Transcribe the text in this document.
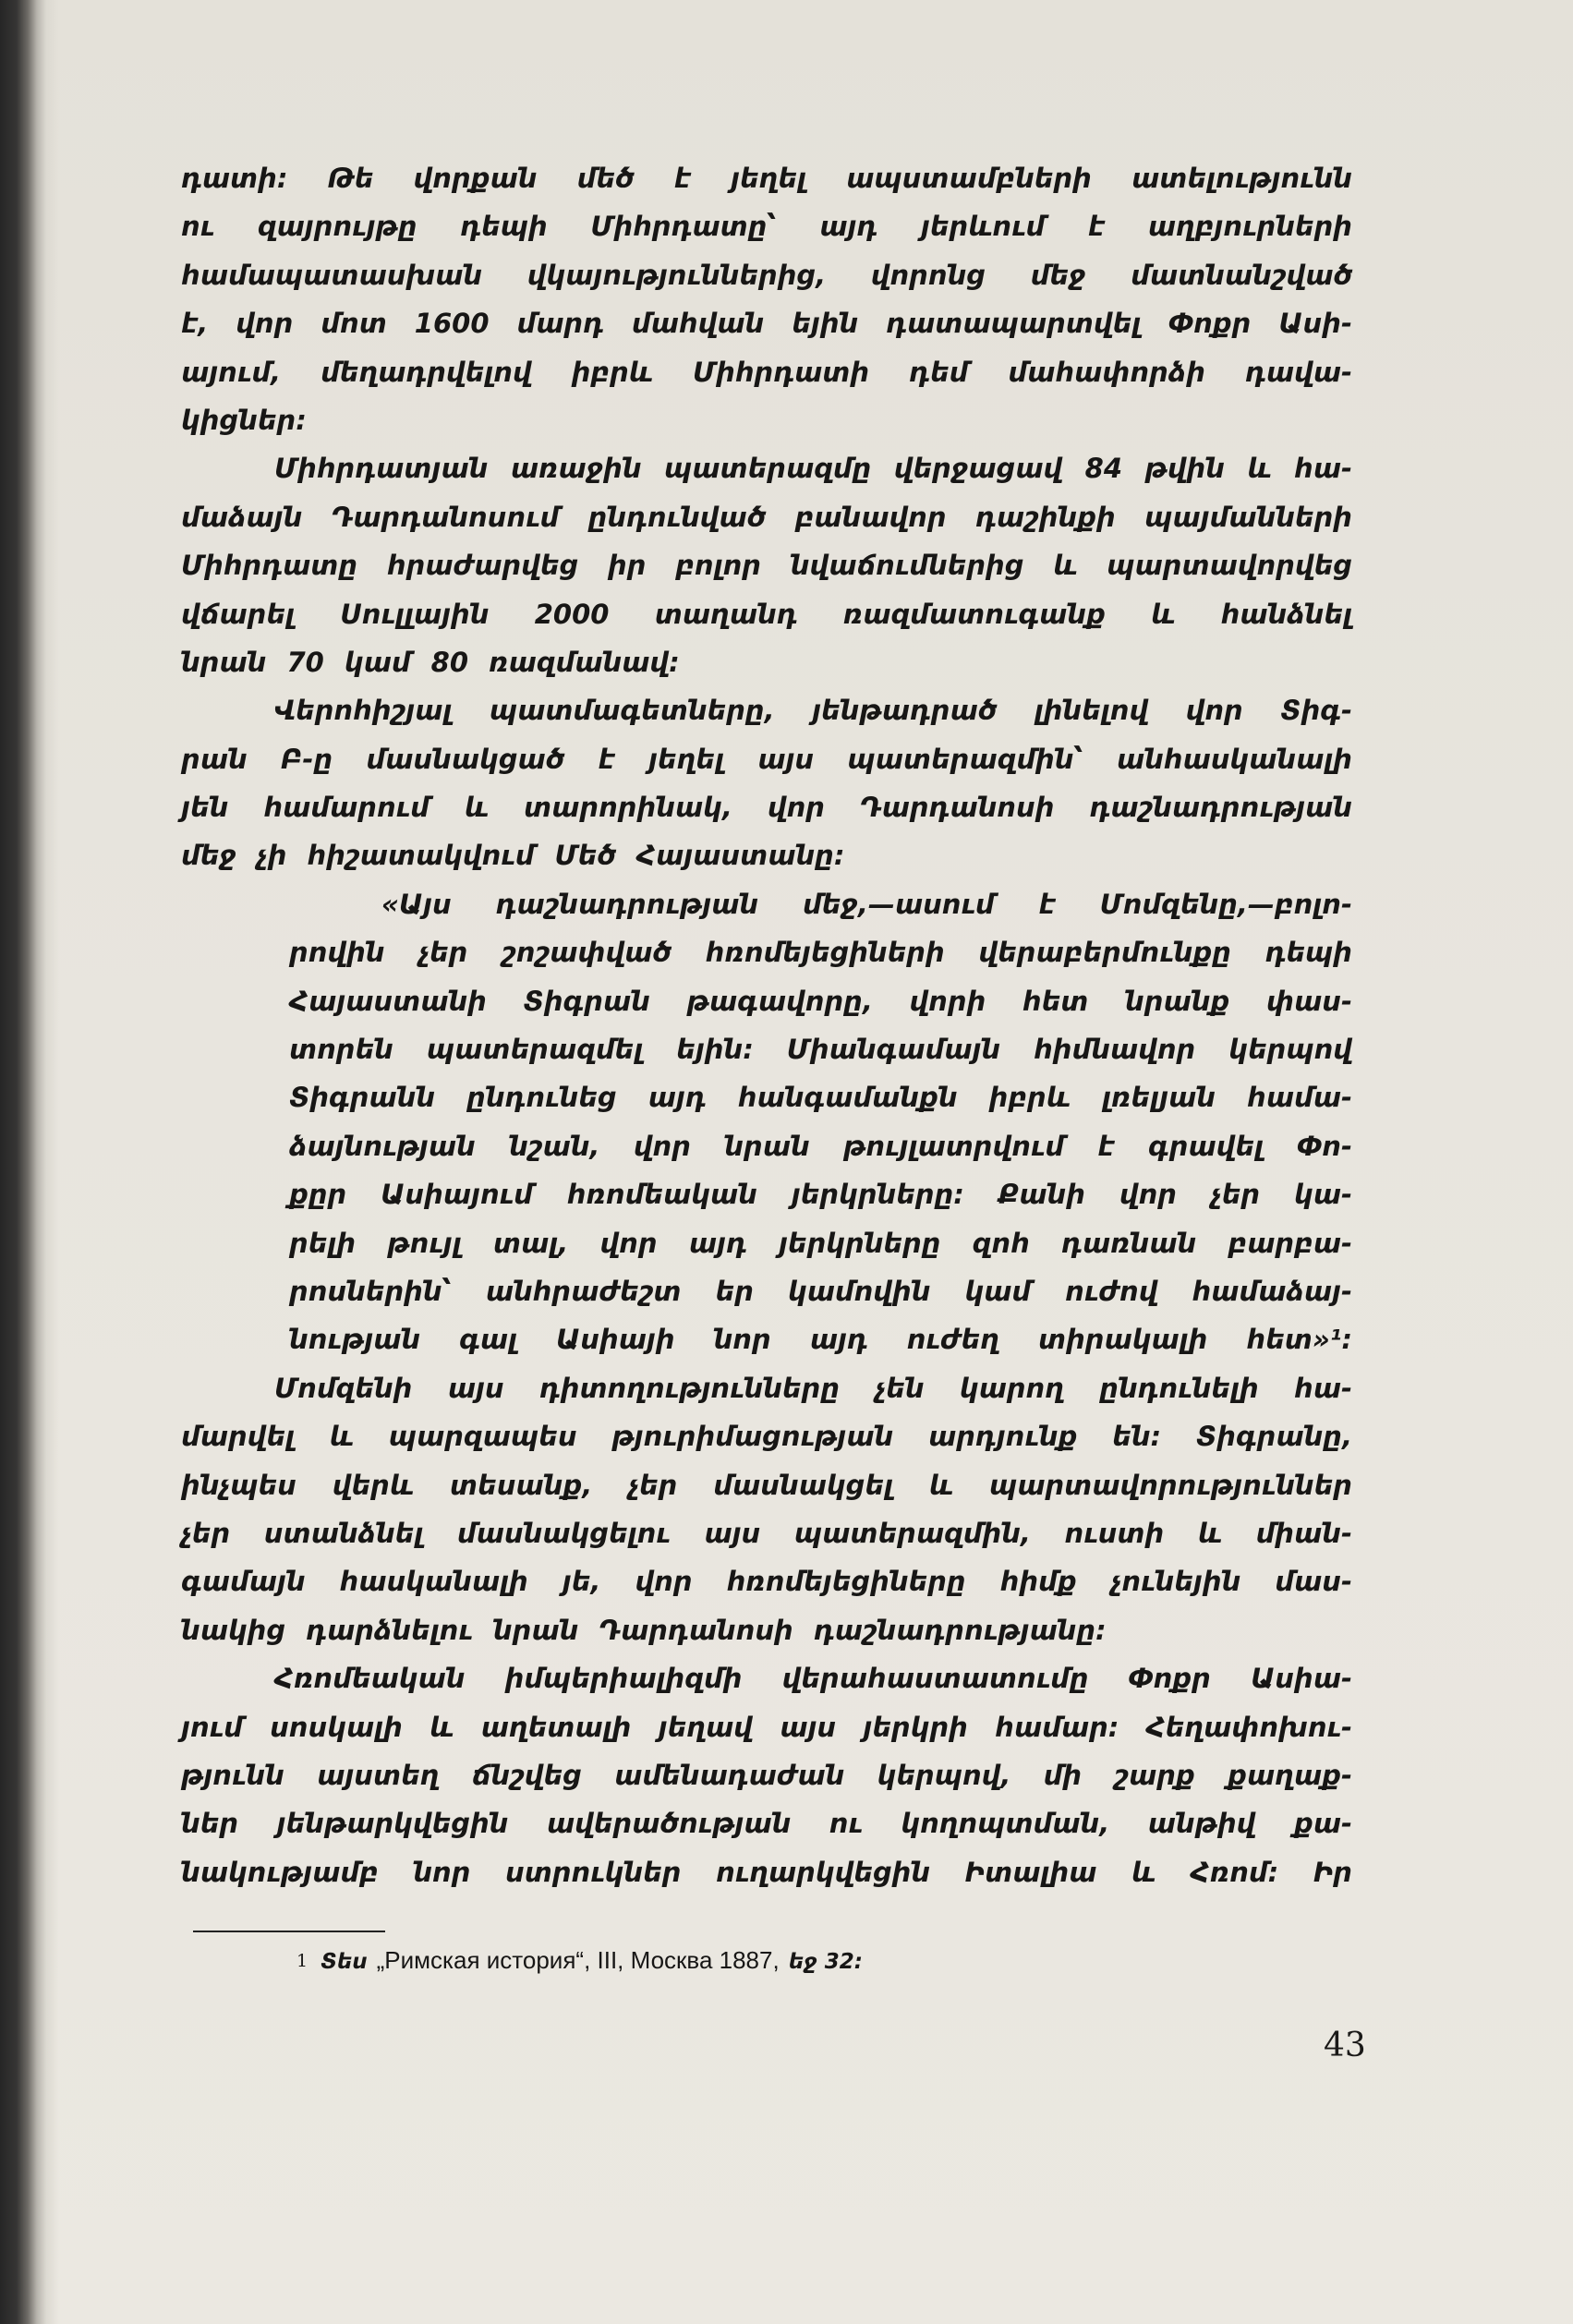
դատի: Թե վորքան մեծ է յեղել ապստամբների ատելությունն
ու զայրույթը դեպի Միհրդատը՝ այդ յերևում է աղբյուրների
համապատասխան վկայություններից, վորոնց մեջ մատնանշված
է, վոր մոտ 1600 մարդ մահվան եյին դատապարտվել Փոքր Ասի-
այում, մեղադրվելով իբրև Միհրդատի դեմ մահափորձի դավա-
կիցներ:
Միհրդատյան առաջին պատերազմը վերջացավ 84 թվին և հա-
մաձայն Դարդանոսում ընդունված բանավոր դաշինքի պայմանների
Միհրդատը հրաժարվեց իր բոլոր նվաճումներից և պարտավորվեց
վճարել Սուլլային 2000 տաղանդ ռազմատուգանք և հանձնել
նրան 70 կամ 80 ռազմանավ:
Վերոհիշյալ պատմագետները, յենթադրած լինելով վոր Տիգ-
րան Բ-ը մասնակցած է յեղել այս պատերազմին՝ անհասկանալի
յեն համարում և տարորինակ, վոր Դարդանոսի դաշնադրության
մեջ չի հիշատակվում Մեծ Հայաստանը:
«Այս դաշնադրության մեջ,—ասում է Մոմզենը,—բոլո-
րովին չեր շոշափված հռոմեյեցիների վերաբերմունքը դեպի
Հայաստանի Տիգրան թագավորը, վորի հետ նրանք փաս-
տորեն պատերազմել եյին: Միանգամայն հիմնավոր կերպով
Տիգրանն ընդունեց այդ հանգամանքն իբրև լռելյան համա-
ձայնության նշան, վոր նրան թույլատրվում է գրավել Փո-
քըր Ասիայում հռոմեական յերկրները: Քանի վոր չեր կա-
րելի թույլ տալ, վոր այդ յերկրները զոհ դառնան բարբա-
րոսներին՝ անհրաժեշտ եր կամովին կամ ուժով համաձայ-
նության գալ Ասիայի նոր այդ ուժեղ տիրակալի հետ»¹:
Մոմզենի այս դիտողությունները չեն կարող ընդունելի հա-
մարվել և պարզապես թյուրիմացության արդյունք են: Տիգրանը,
ինչպես վերև տեսանք, չեր մասնակցել և պարտավորություններ
չեր ստանձնել մասնակցելու այս պատերազմին, ուստի և միան-
գամայն հասկանալի յե, վոր հռոմեյեցիները հիմք չունեյին մաս-
նակից դարձնելու նրան Դարդանոսի դաշնադրությանը:
Հռոմեական իմպերիալիզմի վերահաստատումը Փոքր Ասիա-
յում սոսկալի և աղետալի յեղավ այս յերկրի համար: Հեղափոխու-
թյունն այստեղ ճնշվեց ամենադաժան կերպով, մի շարք քաղաք-
ներ յենթարկվեցին ավերածության ու կողոպտման, անթիվ քա-
նակությամբ նոր ստրուկներ ուղարկվեցին Իտալիա և Հռոմ: Իր
1 Տես „Римская история“, III, Москва 1887, եջ 32:
43
